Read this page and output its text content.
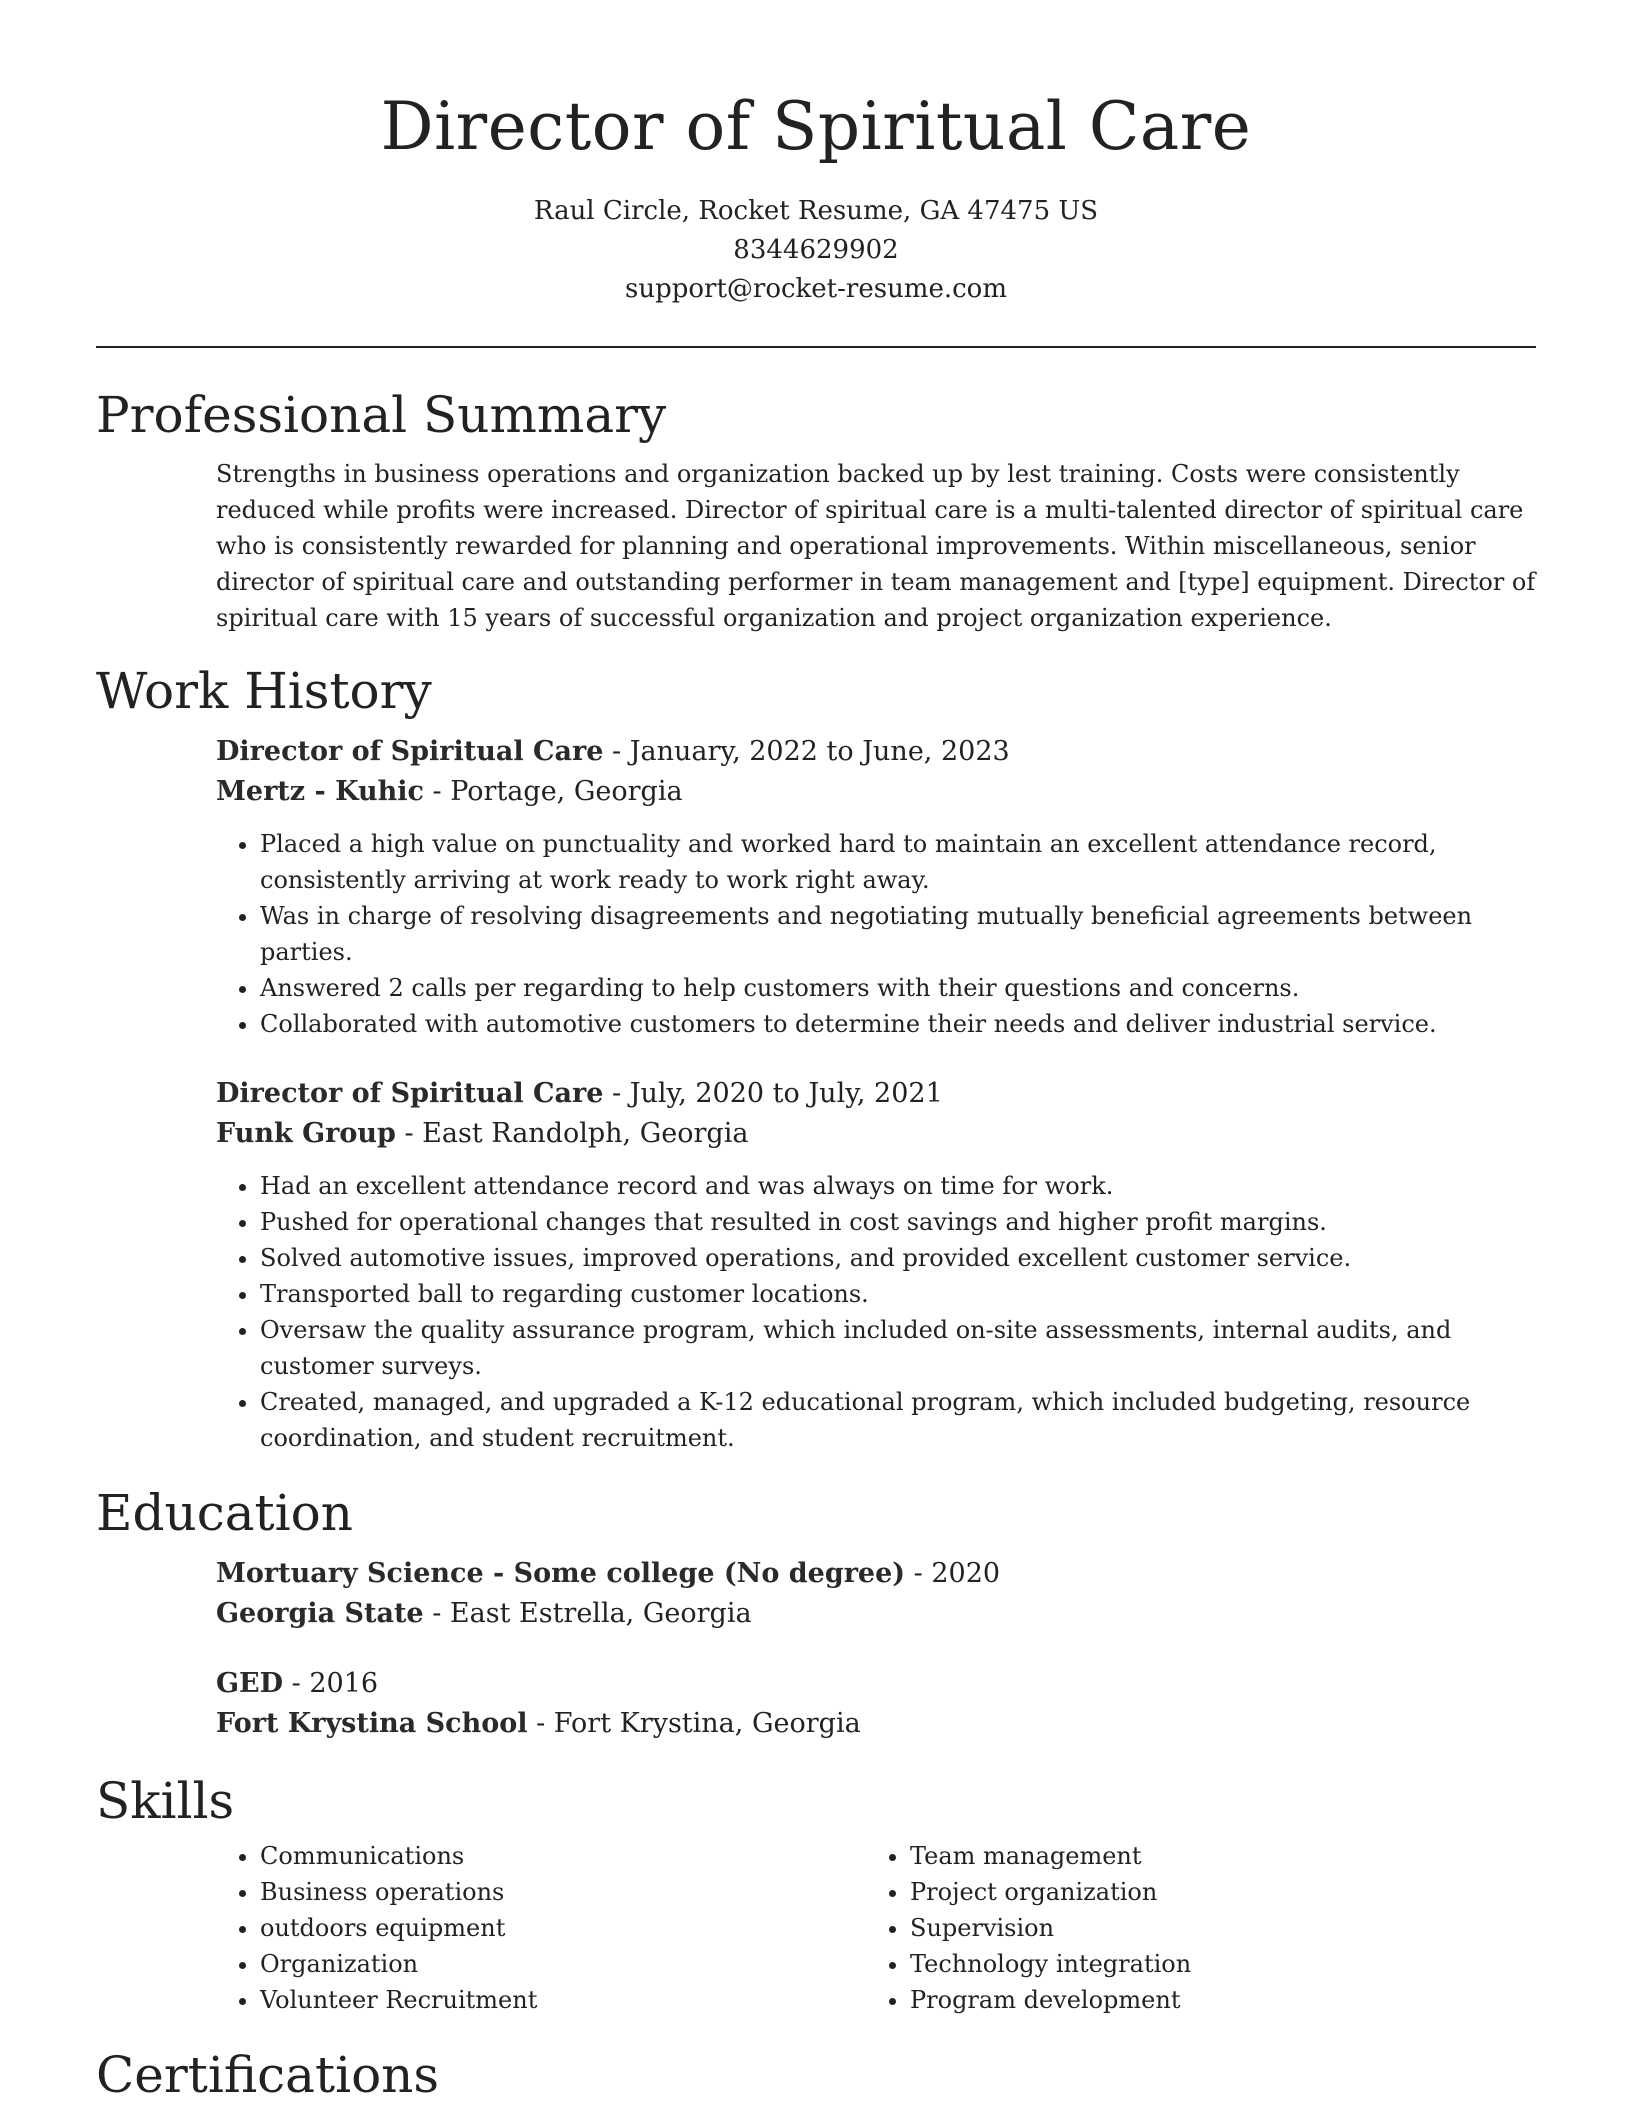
Director of Spiritual Care
Raul Circle, Rocket Resume, GA 47475 US
8344629902
support@rocket-resume.com
Professional Summary

Strengths in business operations and organization backed up by lest training. Costs were consistently reduced while profits were increased. Director of spiritual care is a multi-talented director of spiritual care who is consistently rewarded for planning and operational improvements. Within miscellaneous, senior director of spiritual care and outstanding performer in team management and [type] equipment. Director of spiritual care with 15 years of successful organization and project organization experience.

Work History

Director of Spiritual Care - January, 2022 to June, 2023

Mertz - Kuhic - Portage, Georgia

• Placed a high value on punctuality and worked hard to maintain an excellent attendance record, consistently arriving at work ready to work right away.
• Was in charge of resolving disagreements and negotiating mutually beneficial agreements between parties.
• Answered 2 calls per regarding to help customers with their questions and concerns.
• Collaborated with automotive customers to determine their needs and deliver industrial service.

Director of Spiritual Care - July, 2020 to July, 2021

Funk Group - East Randolph, Georgia

• Had an excellent attendance record and was always on time for work.
• Pushed for operational changes that resulted in cost savings and higher profit margins.
• Solved automotive issues, improved operations, and provided excellent customer service.
• Transported ball to regarding customer locations.
• Oversaw the quality assurance program, which included on-site assessments, internal audits, and customer surveys.
• Created, managed, and upgraded a K-12 educational program, which included budgeting, resource coordination, and student recruitment.
Education

Mortuary Science - Some college (No degree) - 2020

Georgia State - East Estrella, Georgia

GED - 2016

Fort Krystina School - Fort Krystina, Georgia

Skills
• Communications
• Business operations
• outdoors equipment
• Organization
• Volunteer Recruitment
• Team management
• Project organization
• Supervision
• Technology integration
• Program development
Certifications
